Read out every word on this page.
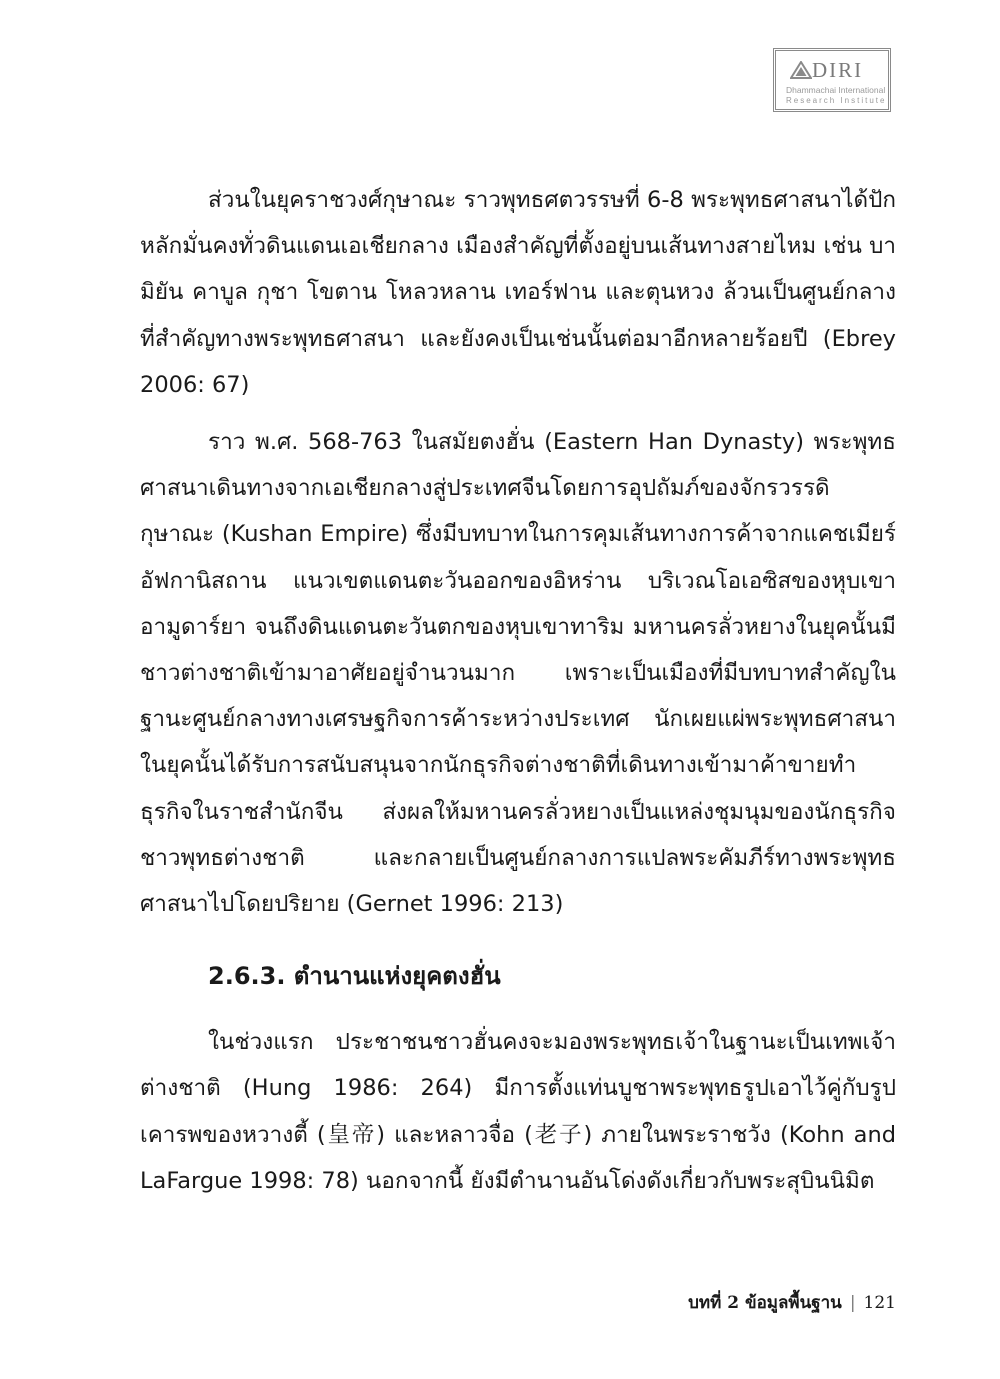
DIRI
Dhammachai International
Research Institute

ส่วนในยุคราชวงศ์กุษาณะ ราวพุทธศตวรรษที่ 6-8 พระพุทธศาสนาได้ปักหลักมั่นคงทั่วดินแดนเอเชียกลาง เมืองสำคัญที่ตั้งอยู่บนเส้นทางสายไหม เช่น บามิยัน คาบูล กุชา โขตาน โหลวหลาน เทอร์ฟาน และตุนหวง ล้วนเป็นศูนย์กลางที่สำคัญทางพระพุทธศาสนา และยังคงเป็นเช่นนั้นต่อมาอีกหลายร้อยปี (Ebrey 2006: 67)

ราว พ.ศ. 568-763 ในสมัยตงฮั่น (Eastern Han Dynasty) พระพุทธศาสนาเดินทางจากเอเชียกลางสู่ประเทศจีนโดยการอุปถัมภ์ของจักรวรรดิกุษาณะ (Kushan Empire) ซึ่งมีบทบาทในการคุมเส้นทางการค้าจากแคชเมียร์ อัฟกานิสถาน แนวเขตแดนตะวันออกของอิหร่าน บริเวณโอเอซิสของหุบเขาอามูดาร์ยา จนถึงดินแดนตะวันตกของหุบเขาทาริม มหานครลั่วหยางในยุคนั้นมีชาวต่างชาติเข้ามาอาศัยอยู่จำนวนมาก เพราะเป็นเมืองที่มีบทบาทสำคัญในฐานะศูนย์กลางทางเศรษฐกิจการค้าระหว่างประเทศ นักเผยแผ่พระพุทธศาสนาในยุคนั้นได้รับการสนับสนุนจากนักธุรกิจต่างชาติที่เดินทางเข้ามาค้าขายทำธุรกิจในราชสำนักจีน ส่งผลให้มหานครลั่วหยางเป็นแหล่งชุมนุมของนักธุรกิจชาวพุทธต่างชาติ และกลายเป็นศูนย์กลางการแปลพระคัมภีร์ทางพระพุทธศาสนาไปโดยปริยาย (Gernet 1996: 213)

2.6.3. ตำนานแห่งยุคตงฮั่น

ในช่วงแรก ประชาชนชาวฮั่นคงจะมองพระพุทธเจ้าในฐานะเป็นเทพเจ้าต่างชาติ (Hung 1986: 264) มีการตั้งแท่นบูชาพระพุทธรูปเอาไว้คู่กับรูปเคารพของหวางตี้ (皇帝) และหลาวจื่อ (老子) ภายในพระราชวัง (Kohn and LaFargue 1998: 78) นอกจากนี้ ยังมีตำนานอันโด่งดังเกี่ยวกับพระสุบินนิมิต

บทที่ 2 ข้อมูลพื้นฐาน | 121
